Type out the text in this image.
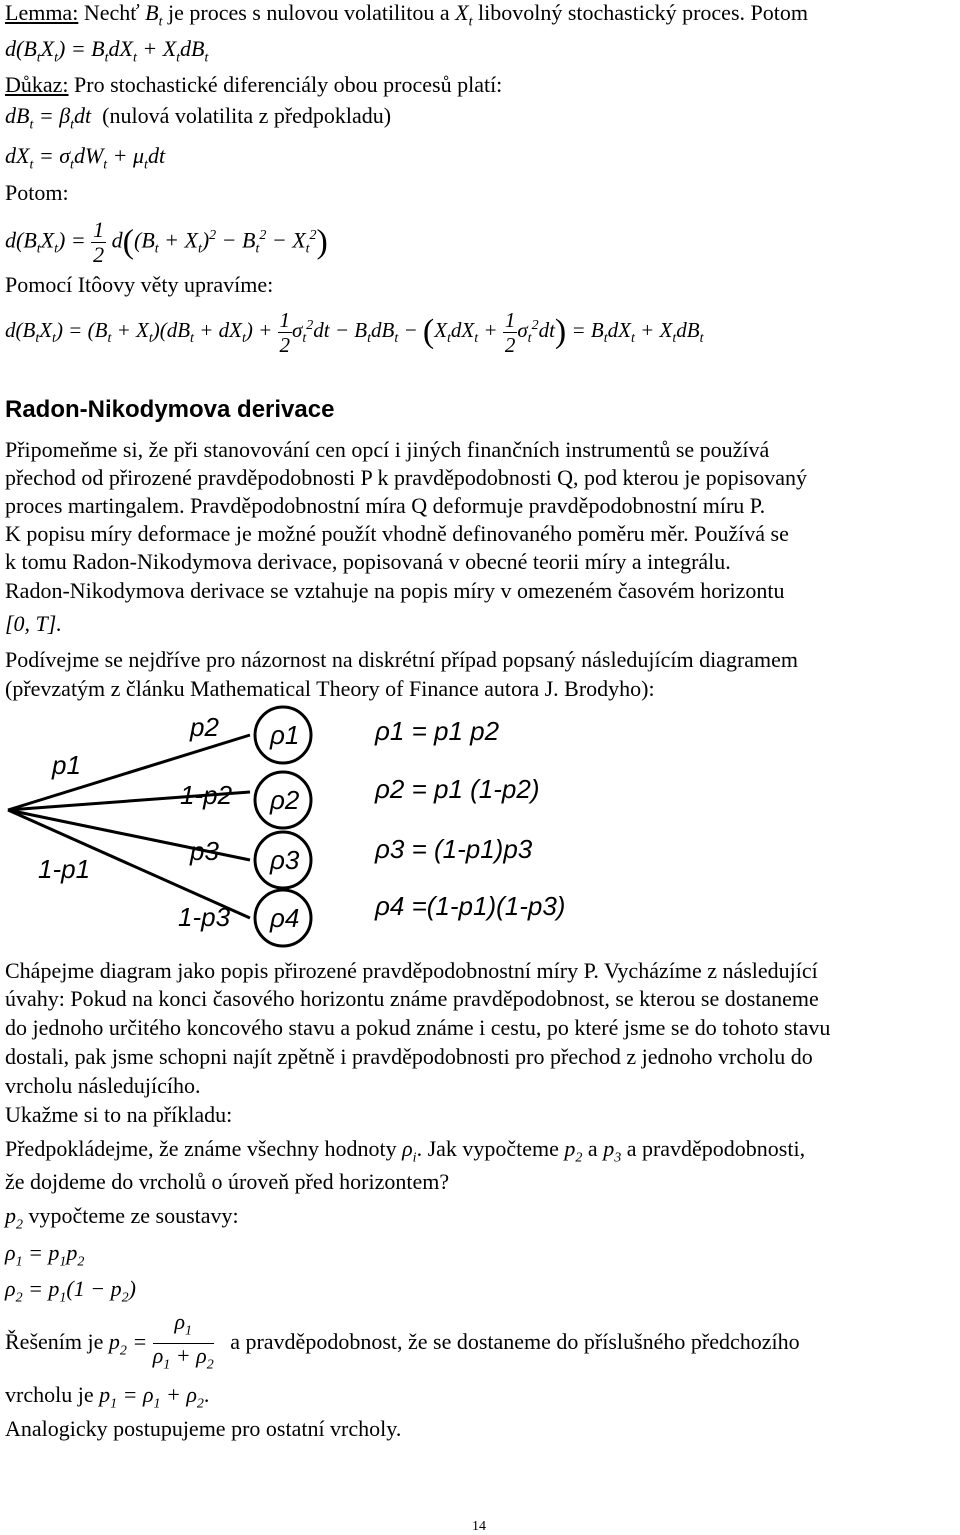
Lemma: Nechť $B_t$ je proces s nulovou volatilitou a $X_t$ libovolný stochastický proces. Potom
$d(B_tX_t) = B_tdX_t + X_tdB_t$
Důkaz: Pro stochastické diferenciály obou procesů platí:
$dB_t = \beta_tdt$ (nulová volatilita z předpokladu)
$dX_t = \sigma_tdW_t + \mu_tdt$
Potom:
$d(B_tX_t) = \frac{1}{2} d((B_t + X_t)^2 - B_t^2 - X_t^2)$
Pomocí Itôovy věty upravíme:
$d(B_tX_t) = (B_t + X_t)(dB_t + dX_t) + \frac{1}{2} \sigma_t^2dt - B_tdB_t - (X_tdX_t + \frac{1}{2} \sigma_t^2dt) = B_tdX_t + X_tdB_t$
Radon-Nikodymova derivace
Připomeňme si, že při stanovování cen opcí i jiných finančních instrumentů se používá
přechod od přirozené pravděpodobnosti P k pravděpodobnosti Q, pod kterou je popisovaný
proces martingalem. Pravděpodobnostní míra Q deformuje pravděpodobnostní míru P.
K popisu míry deformace je možné použít vhodně definovaného poměru měr. Používá se
k tomu Radon-Nikodymova derivace, popisovaná v obecné teorii míry a integrálu.
Radon-Nikodymova derivace se vztahuje na popis míry v omezeném časovém horizontu
[0, T].
Podívejme se nejdříve pro názornost na diskrétní případ popsaný následujícím diagramem
(převzatým z článku Mathematical Theory of Finance autora J. Brodyho):
p1
1-p1
p2
1-p2
p3
1-p3
ρ1
ρ2
ρ3
ρ4
ρ1 = p1 p2
ρ2 = p1 (1-p2)
ρ3 = (1-p1)p3
ρ4 =(1-p1)(1-p3)
Chápejme diagram jako popis přirozené pravděpodobnostní míry P. Vycházíme z následující
úvahy: Pokud na konci časového horizontu známe pravděpodobnost, se kterou se dostaneme
do jednoho určitého koncového stavu a pokud známe i cestu, po které jsme se do tohoto stavu
dostali, pak jsme schopni najít zpětně i pravděpodobnosti pro přechod z jednoho vrcholu do
vrcholu následujícího.
Ukažme si to na příkladu:
Předpokládejme, že známe všechny hodnoty $\rho_i$. Jak vypočteme $p_2$ a $p_3$ a pravděpodobnosti,
že dojdeme do vrcholů o úroveň před horizontem?
$p_2$ vypočteme ze soustavy:
$\rho_1 = p_1p_2$
$\rho_2 = p_1(1 - p_2)$
Řešením je $p_2 = \frac{\rho_1}{\rho_1 + \rho_2}$ a pravděpodobnost, že se dostaneme do příslušného předchozího
vrcholu je $p_1 = \rho_1 + \rho_2$.
Analogicky postupujeme pro ostatní vrcholy.
14
